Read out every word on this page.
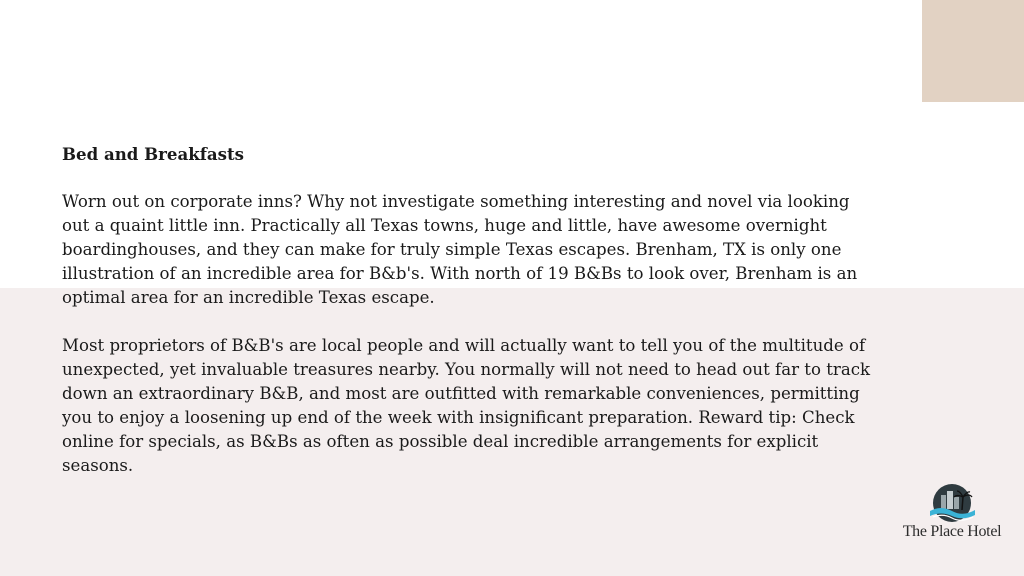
Bed and Breakfasts

Worn out on corporate inns? Why not investigate something interesting and novel via looking out a quaint little inn. Practically all Texas towns, huge and little, have awesome overnight boardinghouses, and they can make for truly simple Texas escapes. Brenham, TX is only one illustration of an incredible area for B&b's. With north of 19 B&Bs to look over, Brenham is an optimal area for an incredible Texas escape.

Most proprietors of B&B's are local people and will actually want to tell you of the multitude of unexpected, yet invaluable treasures nearby. You normally will not need to head out far to track down an extraordinary B&B, and most are outfitted with remarkable conveniences, permitting you to enjoy a loosening up end of the week with insignificant preparation. Reward tip: Check online for specials, as B&Bs as often as possible deal incredible arrangements for explicit seasons.

The Place Hotel
